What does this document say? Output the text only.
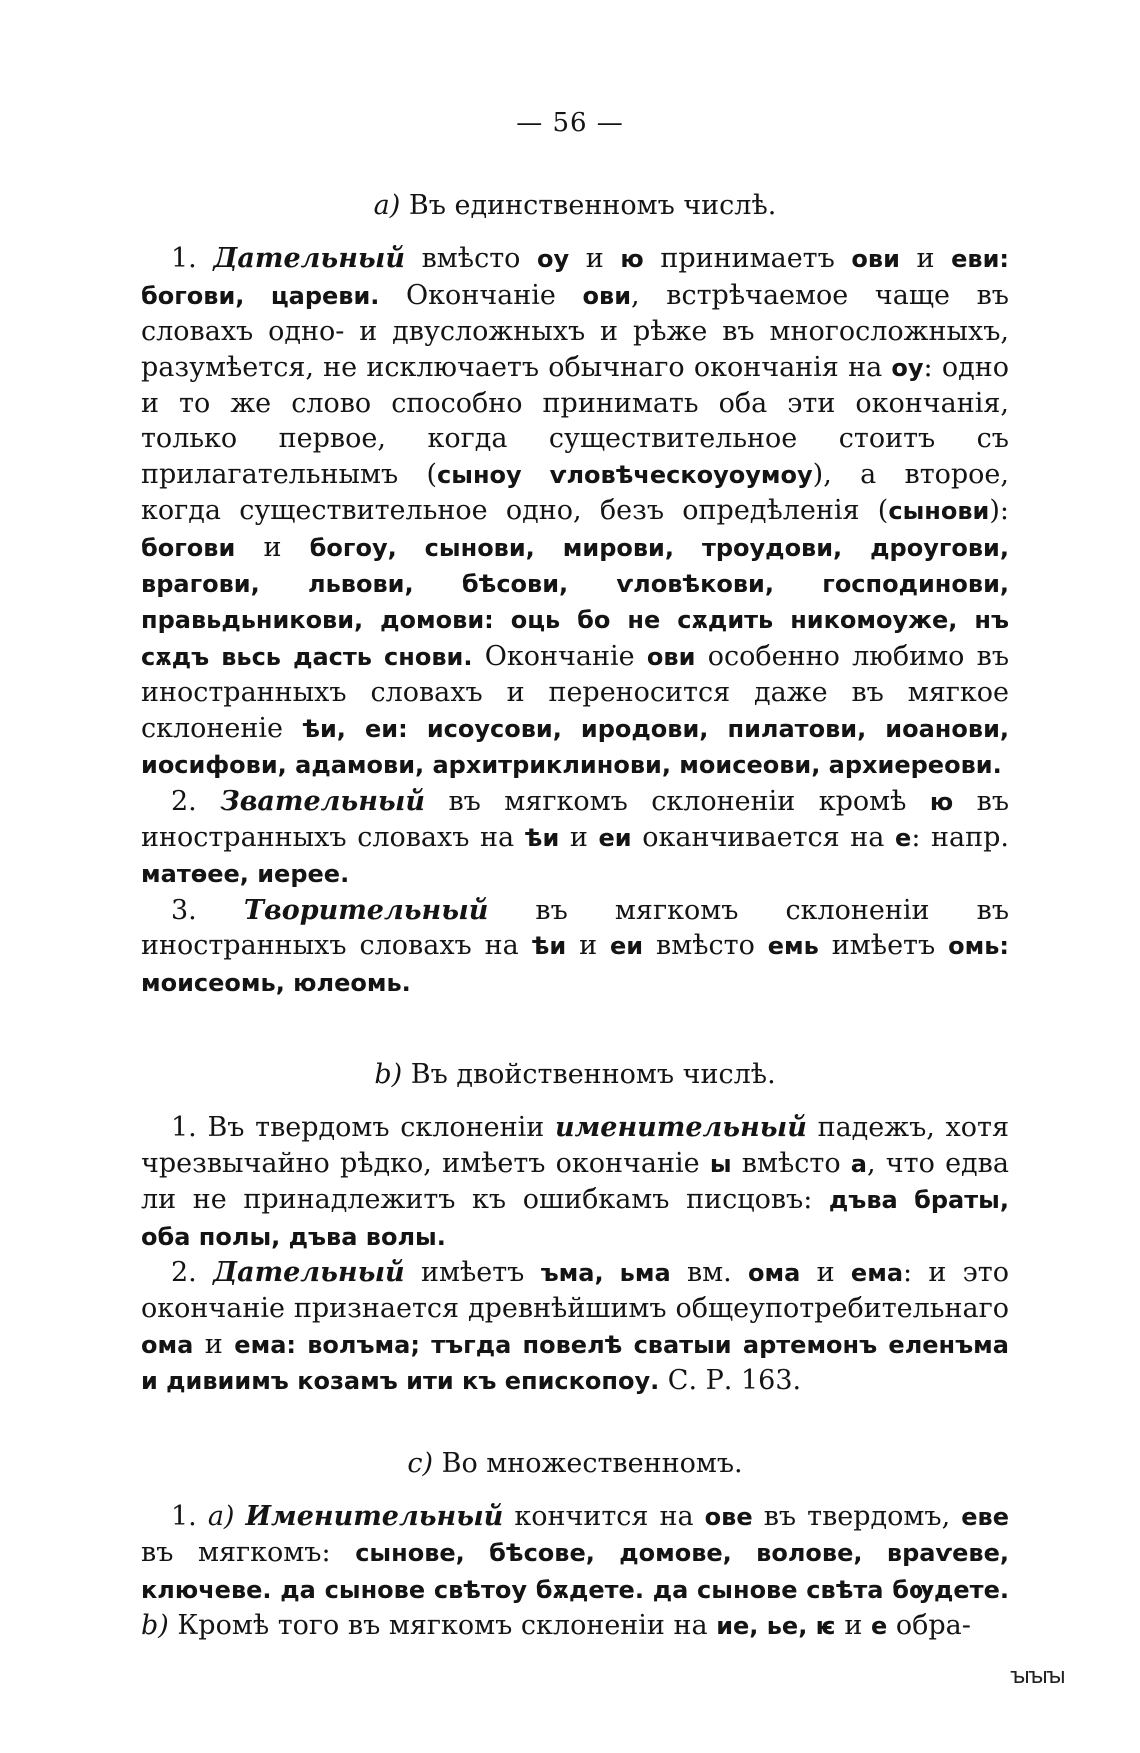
— 56 —
a) Въ единственномъ числѣ.

1. Дательный вмѣсто оу и ю принимаетъ ови и еви: богови, цареви. Окончаніе ови, встрѣчаемое чаще въ словахъ одно- и двусложныхъ и рѣже въ многосложныхъ, разумѣется, не исключаетъ обычнаго окончанія на оу: одно и то же слово способно принимать оба эти окончанія, только первое, когда существительное стоитъ съ прилагательнымъ (сыноу ѵловѣческоуоумоу), а второе, когда существительное одно, безъ опредѣленія (сынови): богови и богоу, сынови, мирови, троудови, дроугови, врагови, львови, бѣсови, ѵловѣкови, господинови, правьдьникови, домови: оць бо не сѫдить никомоуже, нъ сѫдъ вьсь дасть снови. Окончаніе ови особенно любимо въ иностранныхъ словахъ и переносится даже въ мягкое склоненіе ѣи, еи: исоусови, иродови, пилатови, иоанови, иосифови, адамови, архитриклинови, моисеови, архиереови.

2. Звательный въ мягкомъ склоненіи кромѣ ю въ иностранныхъ словахъ на ѣи и еи оканчивается на е: напр. матѳее, иерее.

3. Творительный въ мягкомъ склоненіи въ иностранныхъ словахъ на ѣи и еи вмѣсто емь имѣетъ омь: моисеомь, юлеомь.

b) Въ двойственномъ числѣ.

1. Въ твердомъ склоненіи именительный падежъ, хотя чрезвычайно рѣдко, имѣетъ окончаніе ы вмѣсто а, что едва ли не принадлежитъ къ ошибкамъ писцовъ: дъва браты, оба полы, дъва волы.

2. Дательный имѣетъ ъма, ьма вм. ома и ема: и это окончаніе признается древнѣйшимъ общеупотребительнаго ома и ема: волъма; тъгда повелѣ сватыи артемонъ еленъма и дивиимъ козамъ ити къ епископоу. С. Р. 163.

c) Во множественномъ.

1. a) Именительный кончится на ове въ твердомъ, еве въ мягкомъ: сынове, бѣсове, домове, волове, враѵеве, ключеве. да сынове свѣтоу бѫдете. да сынове свѣта бѹдете. b) Кромѣ того въ мягкомъ склоненіи на ие, ье, ѥ и е обра-

ꙑꙑꙑ
